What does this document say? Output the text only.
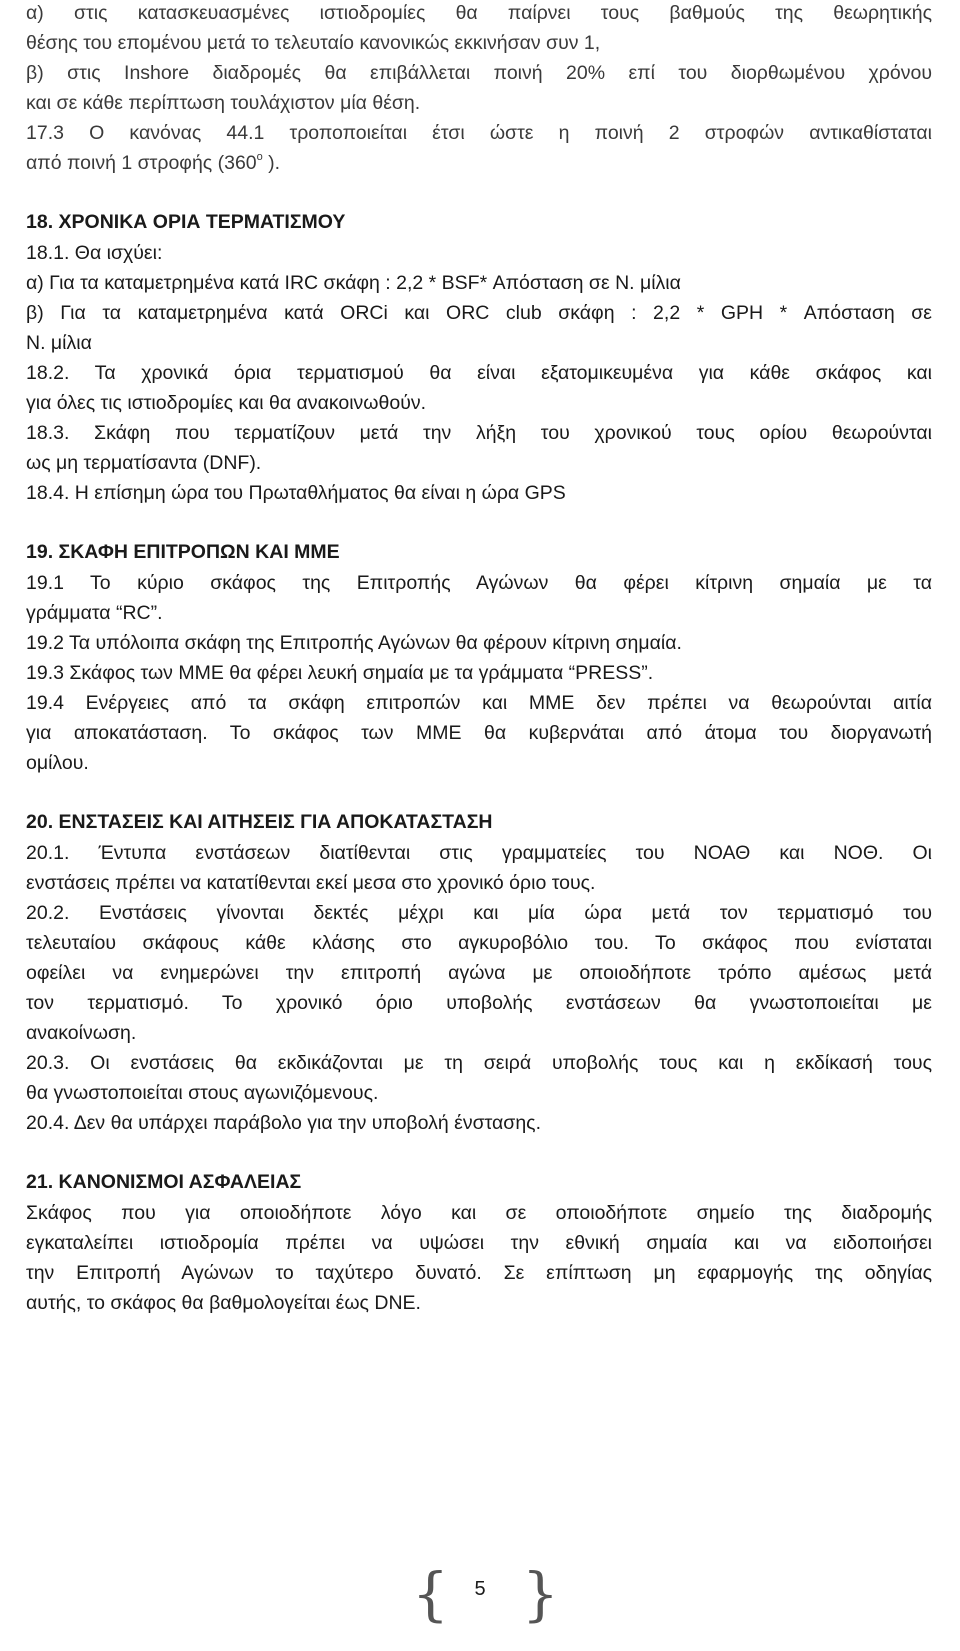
α) στις κατασκευασμένες ιστιοδρομίες θα παίρνει τους βαθμούς της θεωρητικής
θέσης του επομένου μετά το τελευταίο κανονικώς εκκινήσαν συν 1,
β) στις Inshore διαδρομές θα επιβάλλεται ποινή 20% επί του διορθωμένου χρόνου
και σε κάθε περίπτωση τουλάχιστον μία θέση.
17.3 Ο κανόνας 44.1 τροποποιείται έτσι ώστε η ποινή 2 στροφών αντικαθίσταται
από ποινή 1 στροφής (360$^o$ ).
18. ΧΡΟΝΙΚΑ ΟΡΙΑ ΤΕΡΜΑΤΙΣΜΟΥ
18.1. Θα ισχύει:
α) Για τα καταμετρημένα κατά IRC σκάφη : 2,2 * BSF* Απόσταση σε Ν. μίλια
β) Για τα καταμετρημένα κατά ORCi και ORC club σκάφη : 2,2 * GPH * Απόσταση σε
Ν. μίλια
18.2. Τα χρονικά όρια τερματισμού θα είναι εξατομικευμένα για κάθε σκάφος και
για όλες τις ιστιοδρομίες και θα ανακοινωθούν.
18.3. Σκάφη που τερματίζουν μετά την λήξη του χρονικού τους ορίου θεωρούνται
ως μη τερματίσαντα (DNF).
18.4. Η επίσημη ώρα του Πρωταθλήματος θα είναι η ώρα GPS
19. ΣΚΑΦΗ ΕΠΙΤΡΟΠΩΝ ΚΑΙ ΜΜΕ
19.1 Το κύριο σκάφος της Επιτροπής Αγώνων θα φέρει κίτρινη σημαία με τα
γράμματα “RC”.
19.2 Τα υπόλοιπα σκάφη της Επιτροπής Αγώνων θα φέρουν κίτρινη σημαία.
19.3 Σκάφος των ΜΜΕ θα φέρει λευκή σημαία με τα γράμματα “PRESS”.
19.4 Ενέργειες από τα σκάφη επιτροπών και ΜΜΕ δεν πρέπει να θεωρούνται αιτία
για αποκατάσταση. Το σκάφος των ΜΜΕ θα κυβερνάται από άτομα του διοργανωτή
ομίλου.
20. ΕΝΣΤΑΣΕΙΣ ΚΑΙ ΑΙΤΗΣΕΙΣ ΓΙΑ ΑΠΟΚΑΤΑΣΤΑΣΗ
20.1. Έντυπα ενστάσεων διατίθενται στις γραμματείες του ΝΟΑΘ και ΝΟΘ. Οι
ενστάσεις πρέπει να κατατίθενται εκεί μεσα στο χρονικό όριο τους.
20.2. Ενστάσεις γίνονται δεκτές μέχρι και μία ώρα μετά τον τερματισμό του
τελευταίου σκάφους κάθε κλάσης στο αγκυροβόλιο του. Το σκάφος που ενίσταται
οφείλει να ενημερώνει την επιτροπή αγώνα με οποιοδήποτε τρόπο αμέσως μετά
τον τερματισμό. Το χρονικό όριο υποβολής ενστάσεων θα γνωστοποιείται με
ανακοίνωση.
20.3. Οι ενστάσεις θα εκδικάζονται με τη σειρά υποβολής τους και η εκδίκασή τους
θα γνωστοποιείται στους αγωνιζόμενους.
20.4. Δεν θα υπάρχει παράβολο για την υποβολή ένστασης.
21. ΚΑΝΟΝΙΣΜΟΙ ΑΣΦΑΛΕΙΑΣ
Σκάφος που για οποιοδήποτε λόγο και σε οποιοδήποτε σημείο της διαδρομής
εγκαταλείπει ιστιοδρομία πρέπει να υψώσει την εθνική σημαία και να ειδοποιήσει
την Επιτροπή Αγώνων το ταχύτερο δυνατό. Σε επίπτωση μη εφαρμογής της οδηγίας
αυτής, το σκάφος θα βαθμολογείται έως DNE.
{	5 }
